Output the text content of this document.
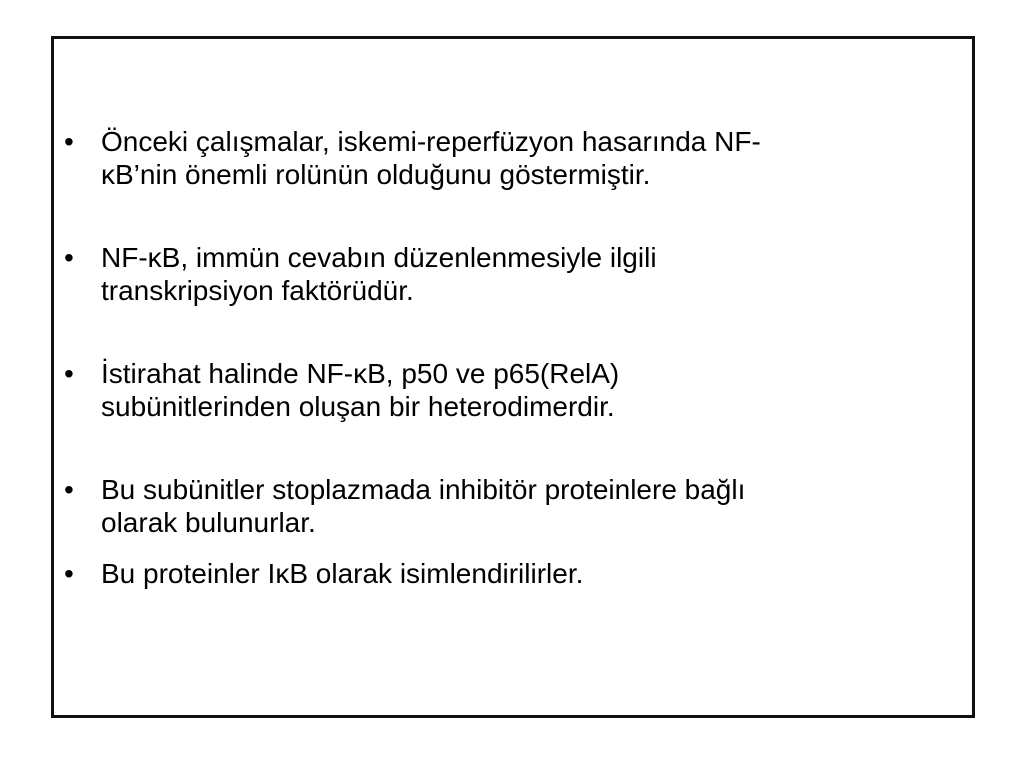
• Önceki çalışmalar, iskemi-reperfüzyon hasarında NF-
κB’nin önemli rolünün olduğunu göstermiştir.
• NF-κB, immün cevabın düzenlenmesiyle ilgili
transkripsiyon faktörüdür.
• İstirahat halinde NF-κB, p50 ve p65(RelA)
subünitlerinden oluşan bir heterodimerdir.
• Bu subünitler stoplazmada inhibitör proteinlere bağlı
olarak bulunurlar.
• Bu proteinler IκB olarak isimlendirilirler.
